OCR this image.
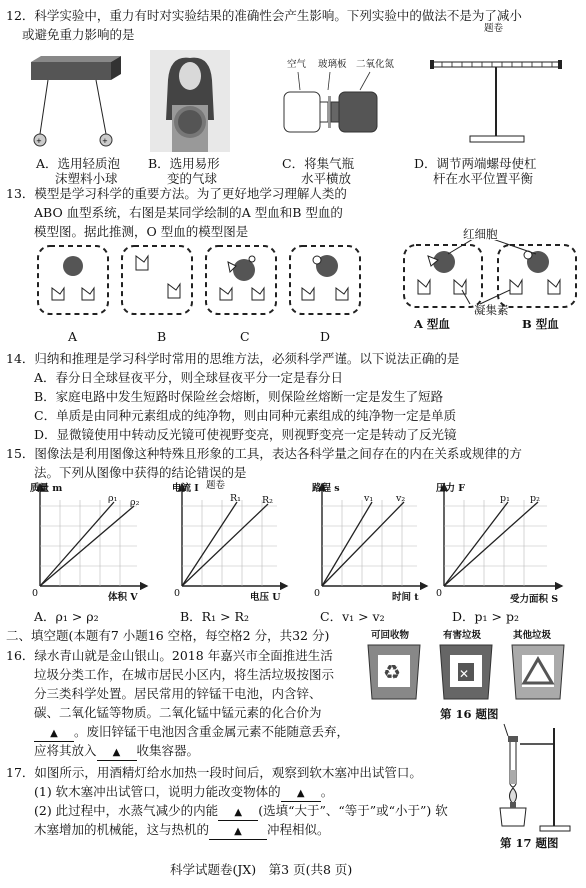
12．科学实验中，重力有时对实验结果的准确性会产生影响。下列实验中的做法不是为了减小
或避免重力影响的是	题卷
+	+
空气 玻璃板 二氧化氮
A．选用轻质泡
沫塑料小球
B．选用易形
变的气球
C．将集气瓶
水平横放
D．调节两端螺母使杠
杆在水平位置平衡
13．模型是学习科学的重要方法。为了更好地学习理解人类的
ABO 血型系统，右图是某同学绘制的A 型血和B 型血的
模型图。据此推测，O 型血的模型图是
A	B	C	D
红细胞
凝集素
A 型血	B 型血
14．归纳和推理是学习科学时常用的思维方法，必须科学严谨。以下说法正确的是
A．春分日全球昼夜平分，则全球昼夜平分一定是春分日
B．家庭电路中发生短路时保险丝会熔断，则保险丝熔断一定是发生了短路
C．单质是由同种元素组成的纯净物，则由同种元素组成的纯净物一定是单质
D．显微镜使用中转动反光镜可使视野变亮，则视野变亮一定是转动了反光镜
15．图像法是利用图像这种特殊且形象的工具，表达各科学量之间存在的内在关系或规律的方
法。下列从图像中获得的结论错误的是
题卷
质量 m
体积 V
ρ₁ ρ₂
0
电流 I
电压 U
R₁ R₂
0
路程 s
时间 t
v₁ v₂
0
压力 F
受力面积 S
p₁ p₂
0
A．ρ₁ > ρ₂	B．R₁ > R₂	C．v₁ > v₂	D．p₁ > p₂
二、填空题(本题有7 小题16 空格，每空格2 分，共32 分)
16．绿水青山就是金山银山。2018 年嘉兴市全面推进生活
垃圾分类工作，在城市居民小区内，将生活垃圾按图示
分三类科学处置。居民常用的锌锰干电池，内含锌、
碳、二氧化锰等物质。二氧化锰中锰元素的化合价为
▲ 。废旧锌锰干电池因含重金属元素不能随意丢弃，
应将其放入 ▲ 收集容器。
可回收物	有害垃圾	其他垃圾
♻	✕
第 16 题图
17．如图所示，用酒精灯给水加热一段时间后，观察到软木塞冲出试管口。
(1) 软木塞冲出试管口，说明力能改变物体的 ▲ 。
(2) 此过程中，水蒸气减少的内能 ▲ (选填“大于”、“等于”或“小于”) 软
木塞增加的机械能，这与热机的	▲ 冲程相似。
第 17 题图
科学试题卷(JX)　第3 页(共8 页)
